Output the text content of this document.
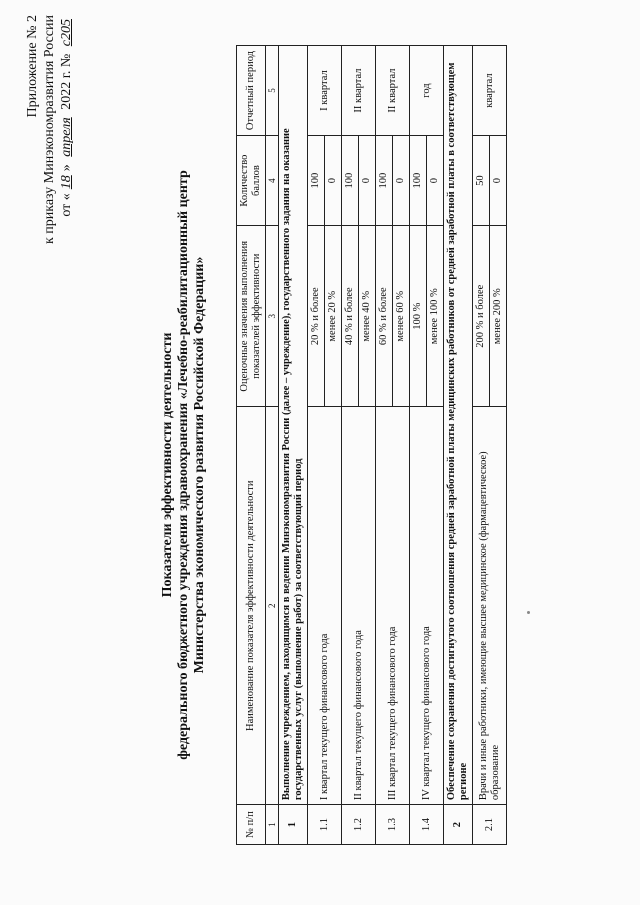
Приложение № 2 к приказу Минэкономразвития России от «18» апреля 2022 г. № с205
Показатели эффективности деятельности федерального бюджетного учреждения здравоохранения «Лечебно-реабилитационный центр Министерства экономического развития Российской Федерации»
№ п/п	Наименование показателя эффективности деятельности	Оценочные значения выполнения показателей эффективности	Количество баллов	Отчетный период
1	2	3	4	5
1	Выполнение учреждением, находящимся в ведении Минэкономразвития России (далее – учреждение), государственного задания на оказание государственных услуг (выполнение работ) за соответствующий период			
1.1	I квартал текущего финансового года	20 % и более	100	I квартал
		менее 20 %	0	
1.2	II квартал текущего финансового года	40 % и более	100	II квартал
		менее 40 %	0	
1.3	III квартал текущего финансового года	60 % и более	100	II квартал
		менее 60 %	0	
1.4	IV квартал текущего финансового года	100 %	100	год
		менее 100 %	0	
2	Обеспечение сохранения достигнутого соотношения средней заработной платы медицинских работников от средней заработной платы в соответствующем регионе			
2.1	Врачи и иные работники, имеющие высшее медицинское (фармацевтическое) образование	200 % и более	50	квартал
		менее 200 %	0	
